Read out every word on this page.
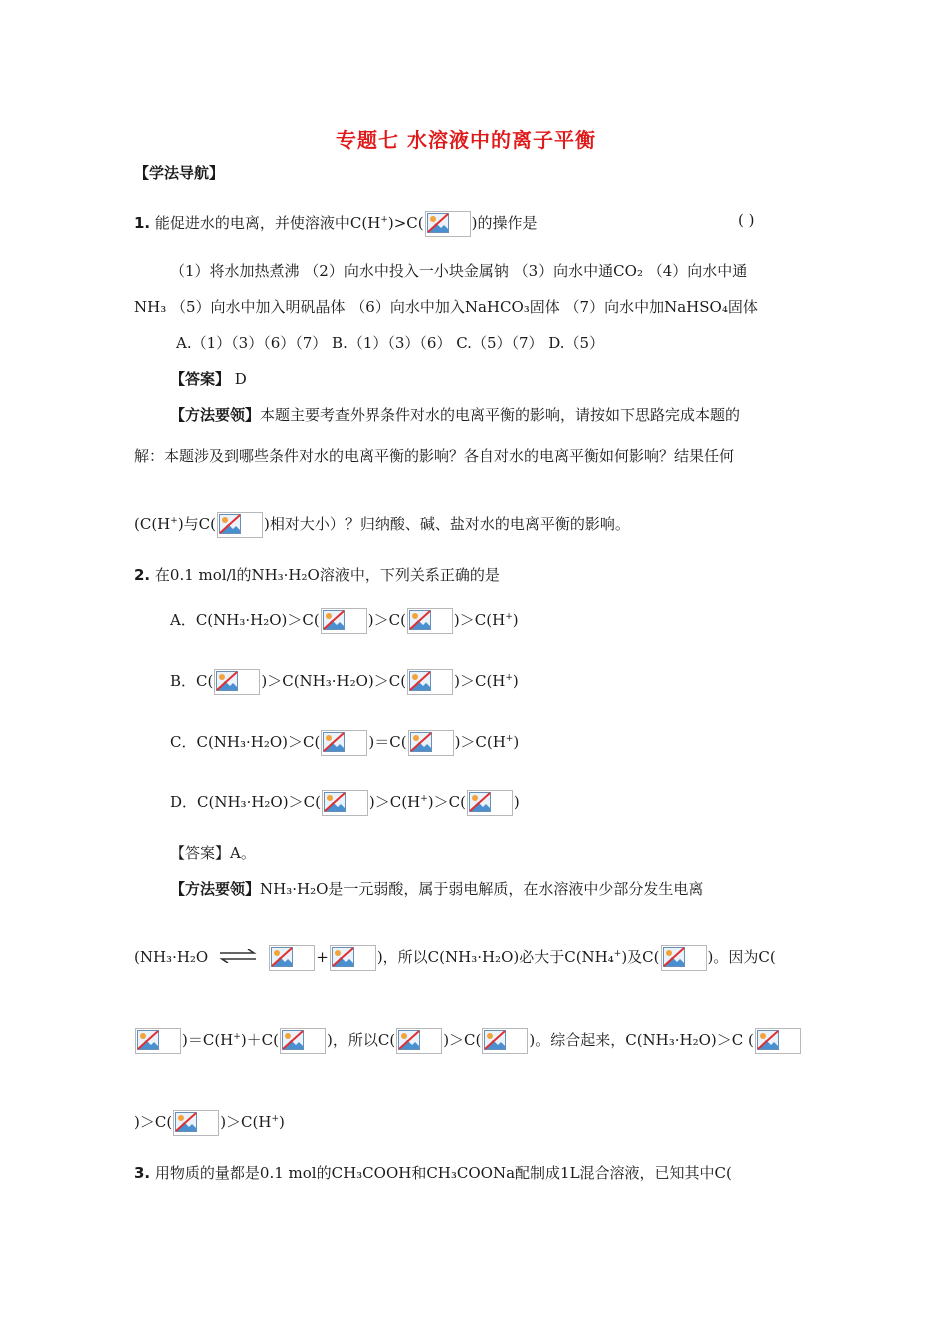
专题七 水溶液中的离子平衡
【学法导航】
1. 能促进水的电离，并使溶液中C(H+)>C(	)的操作是	( )
（1）将水加热煮沸 （2）向水中投入一小块金属钠 （3）向水中通CO₂ （4）向水中通
NH₃ （5）向水中加入明矾晶体 （6）向水中加入NaHCO₃固体 （7）向水中加NaHSO₄固体
A.（1）（3）（6）（7） B.（1）（3）（6） C.（5）（7） D.（5）
【答案】 D
【方法要领】本题主要考查外界条件对水的电离平衡的影响，请按如下思路完成本题的
解：本题涉及到哪些条件对水的电离平衡的影响？各自对水的电离平衡如何影响？结果任何
(C(H+)与C(	)相对大小）？归纳酸、碱、盐对水的电离平衡的影响。
2. 在0.1 mol/l的NH₃·H₂O溶液中，下列关系正确的是
A．C(NH₃·H₂O)＞C(	)＞C(	)＞C(H+)
B．C(	)＞C(NH₃·H₂O)＞C(	)＞C(H+)
C．C(NH₃·H₂O)＞C(	)＝C(	)＞C(H+)
D．C(NH₃·H₂O)＞C(	)＞C(H+)＞C(	)
【答案】A。
【方法要领】NH₃·H₂O是一元弱酸，属于弱电解质，在水溶液中少部分发生电离
(NH₃·H₂O ⇌	+	)，所以C(NH₃·H₂O)必大于C(NH₄+)及C(	)。因为C(
)＝C(H+)＋C(	)，所以C(	)＞C(	)。综合起来，C(NH₃·H₂O)＞C (
)＞C(	)＞C(H+)
3. 用物质的量都是0.1 mol的CH₃COOH和CH₃COONa配制成1L混合溶液，已知其中C(
